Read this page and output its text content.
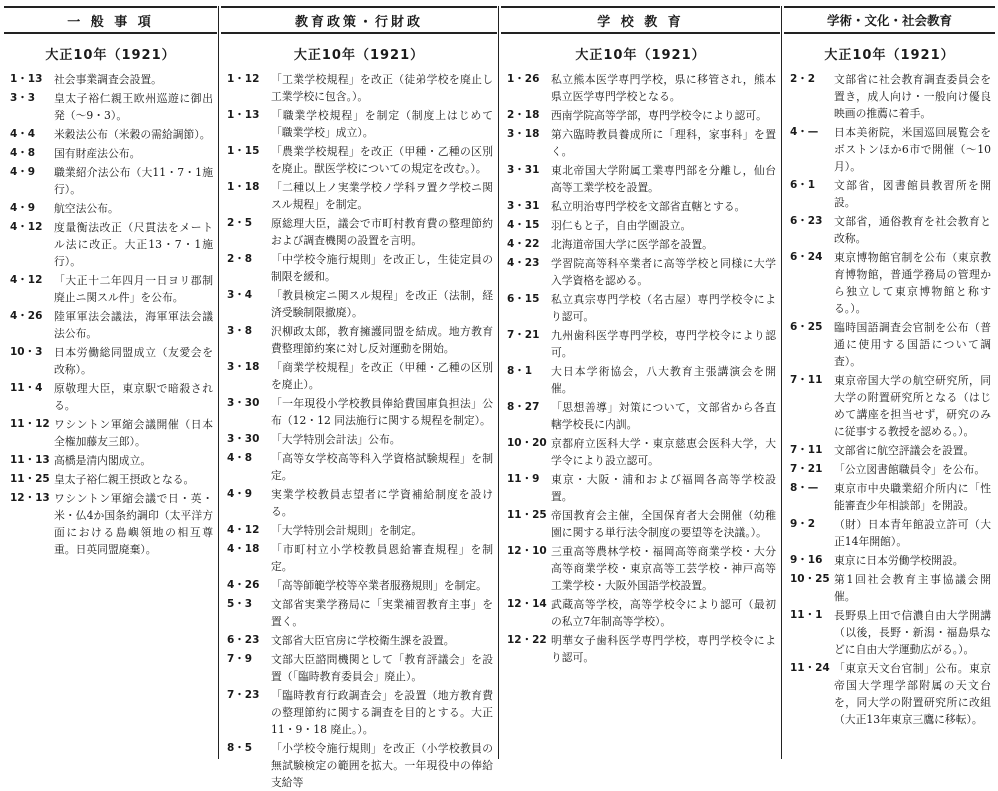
一 般 事 項
大正10年（1921）
1・13	社会事業調査会設置。
3・3	皇太子裕仁親王欧州巡遊に御出発（〜9・3）。
4・4	米穀法公布（米穀の需給調節）。
4・8	国有財産法公布。
4・9	職業紹介法公布（大11・7・1施行）。
4・9	航空法公布。
4・12	度量衡法改正（尺貫法をメートル法に改正。大正13・7・1施行）。
4・12	「大正十二年四月一日ヨリ郡制廃止ニ関スル件」を公布。
4・26	陸軍軍法会議法，海軍軍法会議法公布。
10・3	日本労働総同盟成立（友愛会を改称）。
11・4	原敬理大臣，東京駅で暗殺される。
11・12 ワシントン軍縮会議開催（日本全権加藤友三郎）。
11・13 高橋是清内閣成立。
11・25 皇太子裕仁親王摂政となる。
12・13 ワシントン軍縮会議で日・英・米・仏4か国条約調印（太平洋方面における島嶼領地の相互尊重。日英同盟廃棄）。
教育政策・行財政
大正10年（1921）
1・12	「工業学校規程」を改正（徒弟学校を廃止し工業学校に包含。）。
1・13	「職業学校規程」を制定（制度上はじめて「職業学校」成立）。
1・15	「農業学校規程」を改正（甲種・乙種の区別を廃止。獣医学校についての規定を改む。）。
1・18	「二種以上ノ実業学校ノ学科ヲ置ク学校ニ関スル規程」を制定。
2・5	原総理大臣，議会で市町村教育費の整理節約および調査機関の設置を言明。
2・8	「中学校令施行規則」を改正し，生徒定員の制限を緩和。
3・4	「教員検定ニ関スル規程」を改正（法制，経済受験制限撤廃）。
3・8	沢柳政太郎，教育擁護同盟を結成。地方教育費整理節約案に対し反対運動を開始。
3・18	「商業学校規程」を改正（甲種・乙種の区別を廃止）。
3・30	「一年現役小学校教員俸給費国庫負担法」公布（12・12 同法施行に関する規程を制定）。
3・30	「大学特別会計法」公布。
4・8	「高等女学校高等科入学資格試験規程」を制定。
4・9	実業学校教員志望者に学資補給制度を設ける。
4・12	「大学特別会計規則」を制定。
4・18	「市町村立小学校教員恩給審査規程」を制定。
4・26	「高等師範学校等卒業者服務規則」を制定。
5・3	文部省実業学務局に「実業補習教育主事」を置く。
6・23	文部省大臣官房に学校衛生課を設置。
7・9	文部大臣諮問機関として「教育評議会」を設置（「臨時教育委員会」廃止）。
7・23	「臨時教育行政調査会」を設置（地方教育費の整理節約に関する調査を目的とする。大正11・9・18 廃止。）。
8・5	「小学校令施行規則」を改正（小学校教員の無試験検定の範囲を拡大。一年現役中の俸給支給等
学 校 教 育
大正10年（1921）
1・26	私立熊本医学専門学校，県に移管され，熊本県立医学専門学校となる。
2・18	西南学院高等学部，専門学校令により認可。
3・18	第六臨時教員養成所に「理科，家事科」を置く。
3・31	東北帝国大学附属工業専門部を分離し，仙台高等工業学校を設置。
3・31	私立明治専門学校を文部省直轄とする。
4・15	羽仁もと子，自由学園設立。
4・22	北海道帝国大学に医学部を設置。
4・23	学習院高等科卒業者に高等学校と同様に大学入学資格を認める。
6・15	私立真宗専門学校（名古屋）専門学校令により認可。
7・21	九州歯科医学専門学校，専門学校令により認可。
8・1	大日本学術協会，八大教育主張講演会を開催。
8・27	「思想善導」対策について，文部省から各直轄学校長に内訓。
10・20 京都府立医科大学・東京慈恵会医科大学，大学令により設立認可。
11・9	東京・大阪・浦和および福岡各高等学校設置。
11・25 帝国教育会主催，全国保育者大会開催（幼稚園に関する単行法令制度の要望等を決議。）。
12・10 三重高等農林学校・福岡高等商業学校・大分高等商業学校・東京高等工芸学校・神戸高等工業学校・大阪外国語学校設置。
12・14 武蔵高等学校，高等学校令により認可（最初の私立7年制高等学校）。
12・22 明華女子歯科医学専門学校，専門学校令により認可。
学術・文化・社会教育
大正10年（1921）
2・2	文部省に社会教育調査委員会を置き，成人向け・一般向け優良映画の推薦に着手。
4・—	日本美術院，米国巡回展覧会をボストンほか6市で開催（〜10月）。
6・1	文部省，図書館員教習所を開設。
6・23	文部省，通俗教育を社会教育と改称。
6・24	東京博物館官制を公布（東京教育博物館，普通学務局の管理から独立して東京博物館と称する。）。
6・25	臨時国語調査会官制を公布（普通に使用する国語について調査）。
7・11	東京帝国大学の航空研究所，同大学の附置研究所となる（はじめて講座を担当せず，研究のみに従事する教授を認める。）。
7・11	文部省に航空評議会を設置。
7・21	「公立図書館職員令」を公布。
8・—	東京市中央職業紹介所内に「性能審査少年相談部」を開設。
9・2	（財）日本青年館設立許可（大正14年開館）。
9・16	東京に日本労働学校開設。
10・25 第1回社会教育主事協議会開催。
11・1	長野県上田で信濃自由大学開講（以後，長野・新潟・福島県などに自由大学運動広がる。）。
11・24 「東京天文台官制」公布。東京帝国大学理学部附属の天文台を，同大学の附置研究所に改組（大正13年東京三鷹に移転）。
